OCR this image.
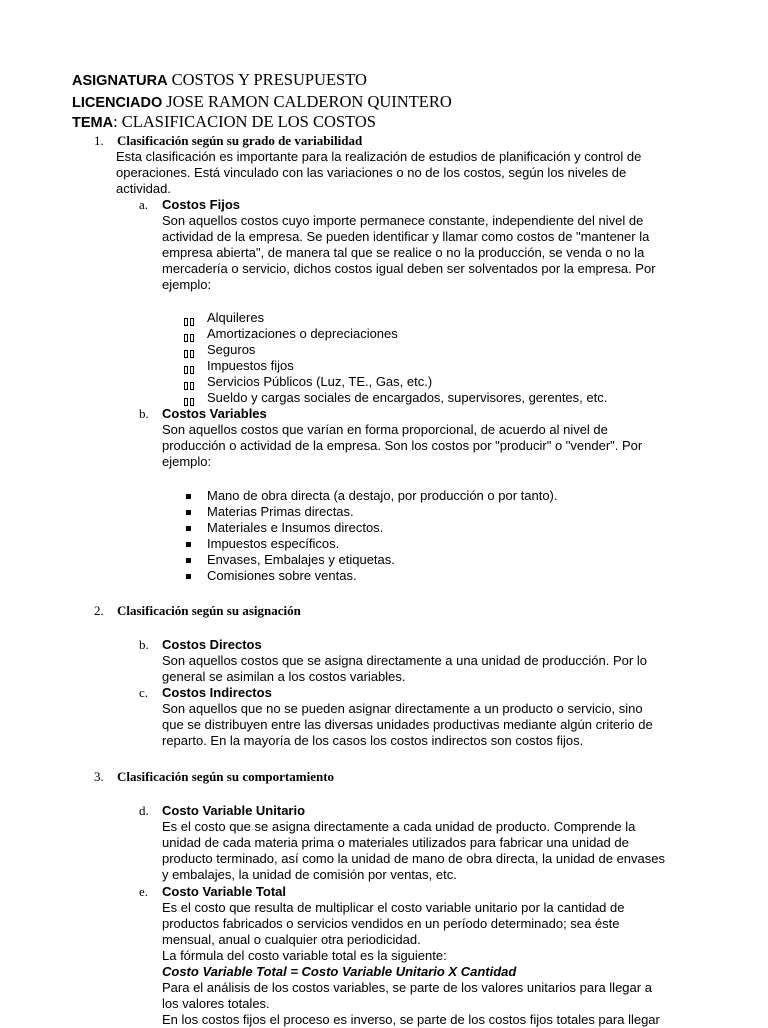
ASIGNATURA COSTOS Y PRESUPUESTO
LICENCIADO JOSE RAMON CALDERON QUINTERO
TEMA: CLASIFICACION DE LOS COSTOS
1. Clasificación según su grado de variabilidad
Esta clasificación es importante para la realización de estudios de planificación y control de
operaciones. Está vinculado con las variaciones o no de los costos, según los niveles de
actividad.
a. Costos Fijos
Son aquellos costos cuyo importe permanece constante, independiente del nivel de
actividad de la empresa. Se pueden identificar y llamar como costos de "mantener la
empresa abierta", de manera tal que se realice o no la producción, se venda o no la
mercadería o servicio, dichos costos igual deben ser solventados por la empresa. Por
ejemplo:
Alquileres
Amortizaciones o depreciaciones
Seguros
Impuestos fijos
Servicios Públicos (Luz, TE., Gas, etc.)
Sueldo y cargas sociales de encargados, supervisores, gerentes, etc.
b. Costos Variables
Son aquellos costos que varían en forma proporcional, de acuerdo al nivel de
producción o actividad de la empresa. Son los costos por "producir" o "vender". Por
ejemplo:
Mano de obra directa (a destajo, por producción o por tanto).
Materias Primas directas.
Materiales e Insumos directos.
Impuestos específicos.
Envases, Embalajes y etiquetas.
Comisiones sobre ventas.
2. Clasificación según su asignación
b. Costos Directos
Son aquellos costos que se asigna directamente a una unidad de producción. Por lo
general se asimilan a los costos variables.
c. Costos Indirectos
Son aquellos que no se pueden asignar directamente a un producto o servicio, sino
que se distribuyen entre las diversas unidades productivas mediante algún criterio de
reparto. En la mayoría de los casos los costos indirectos son costos fijos.
3. Clasificación según su comportamiento
d. Costo Variable Unitario
Es el costo que se asigna directamente a cada unidad de producto. Comprende la
unidad de cada materia prima o materiales utilizados para fabricar una unidad de
producto terminado, así como la unidad de mano de obra directa, la unidad de envases
y embalajes, la unidad de comisión por ventas, etc.
e. Costo Variable Total
Es el costo que resulta de multiplicar el costo variable unitario por la cantidad de
productos fabricados o servicios vendidos en un período determinado; sea éste
mensual, anual o cualquier otra periodicidad.
La fórmula del costo variable total es la siguiente:
Costo Variable Total = Costo Variable Unitario X Cantidad
Para el análisis de los costos variables, se parte de los valores unitarios para llegar a
los valores totales.
En los costos fijos el proceso es inverso, se parte de los costos fijos totales para llegar
